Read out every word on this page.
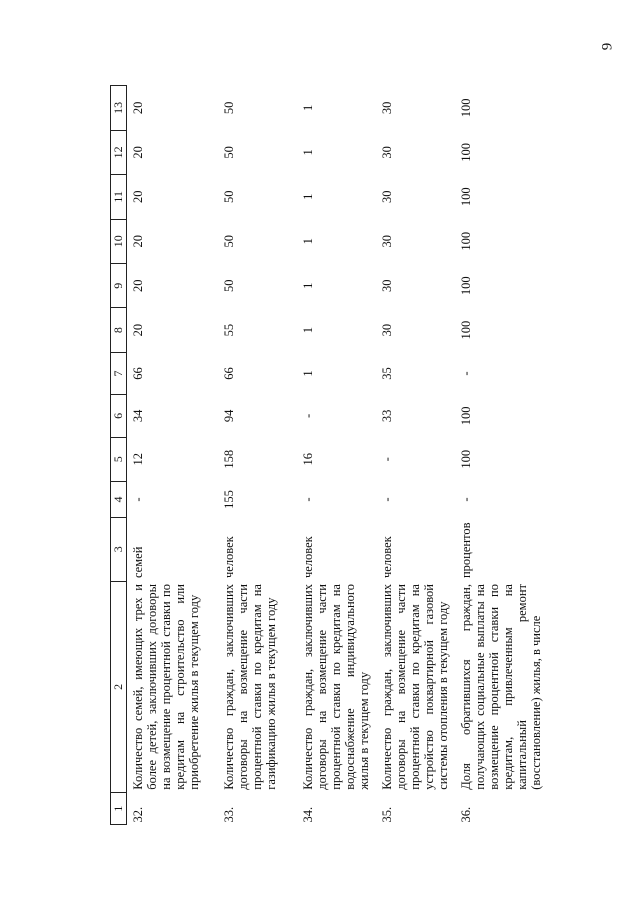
9
1	2	3	4	5	6	7	8	9	10	11	12	13
32.	Количество семей, имеющих трех и более детей, заключивших договоры на возмещение процентной ставки по кредитам на строительство или приобретение жилья в текущем году	семей	-	12	34	66	20	20	20	20	20	20
33.	Количество граждан, заключивших договоры на возмещение части процентной ставки по кредитам на газификацию жилья в текущем году	человек	155	158	94	66	55	50	50	50	50	50
34.	Количество граждан, заключивших договоры на возмещение части процентной ставки по кредитам на водоснабжение индивидуального жилья в текущем году	человек	-	16	-	1	1	1	1	1	1	1
35.	Количество граждан, заключивших договоры на возмещение части процентной ставки по кредитам на устройство поквартирной газовой системы отопления в текущем году	человек	-	-	33	35	30	30	30	30	30	30
36.	Доля обратившихся граждан, получающих социальные выплаты на возмещение процентной ставки по кредитам, привлеченным на капитальный ремонт (восстановление) жилья, в числе	процентов	-	100	100	-	100	100	100	100	100	100
